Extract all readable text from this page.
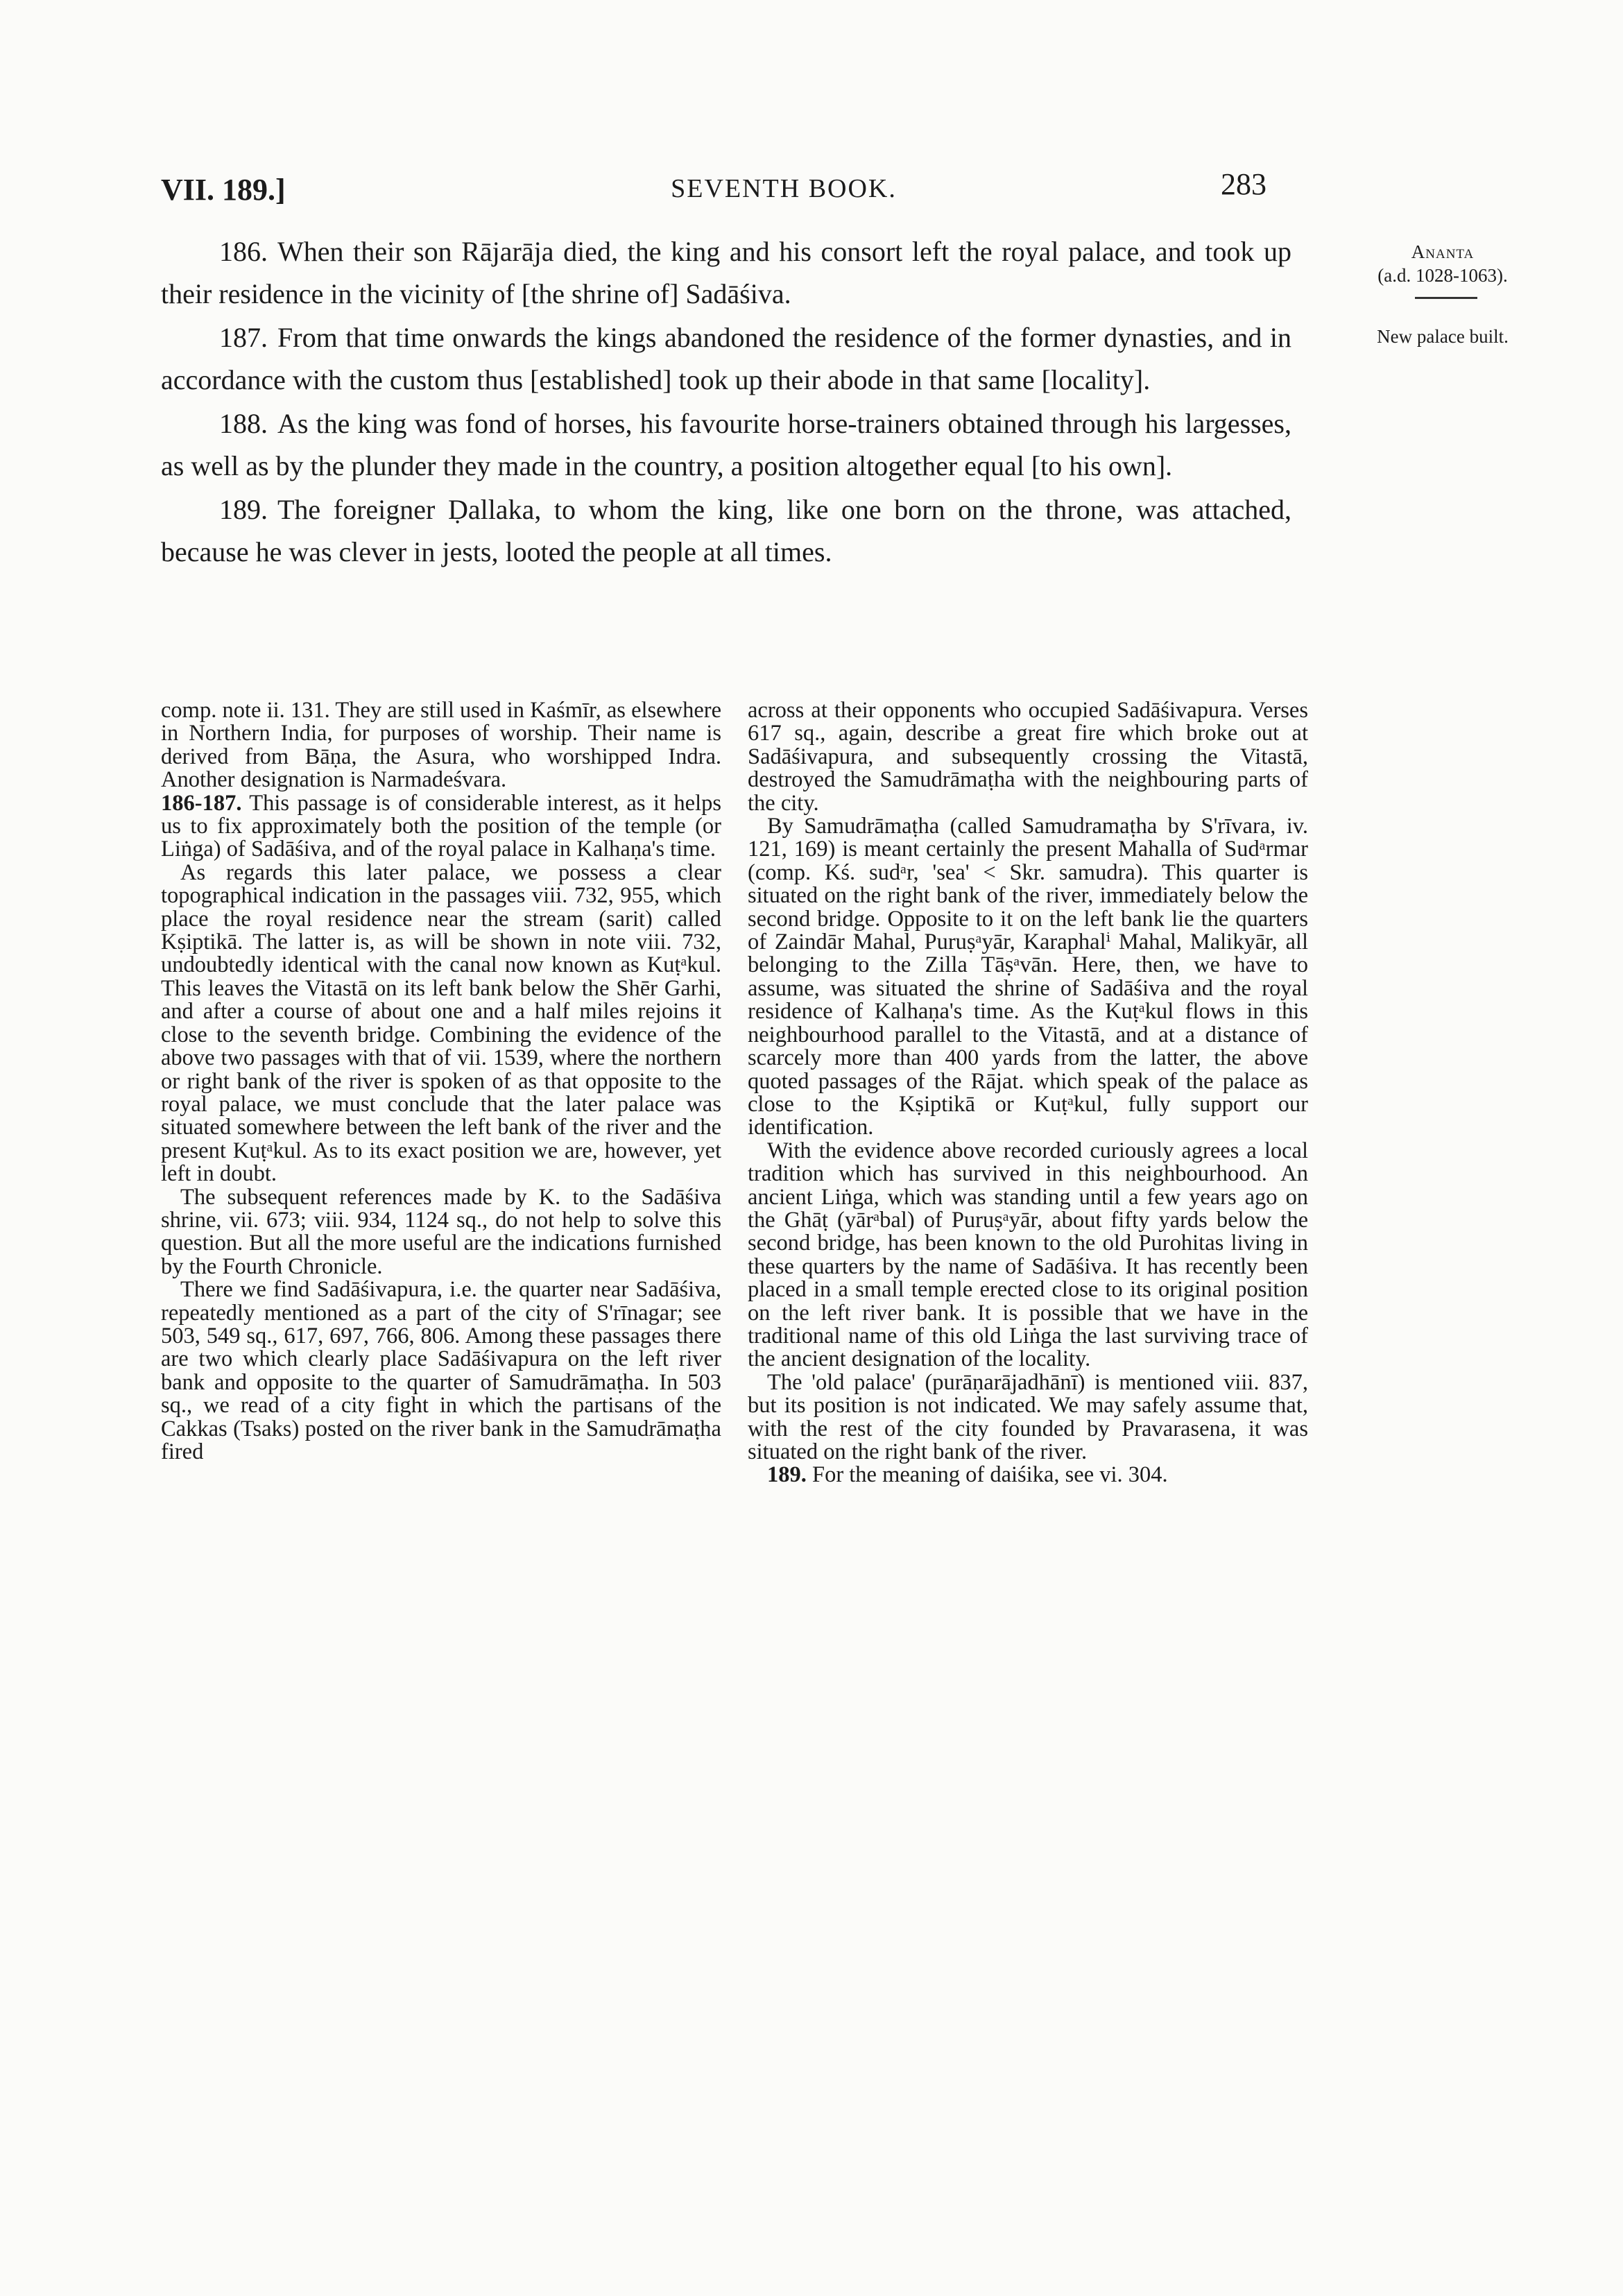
VII. 189.]	SEVENTH BOOK.	283
Ananta
(a.d. 1028-1063).
New palace built.

186. When their son Rājarāja died, the king and his consort left the royal palace, and took up their residence in the vicinity of [the shrine of] Sadāśiva.

187. From that time onwards the kings abandoned the residence of the former dynasties, and in accordance with the custom thus [established] took up their abode in that same [locality].

188. As the king was fond of horses, his favourite horse-trainers obtained through his largesses, as well as by the plunder they made in the country, a position altogether equal [to his own].

189. The foreigner Ḍallaka, to whom the king, like one born on the throne, was attached, because he was clever in jests, looted the people at all times.

comp. note ii. 131. They are still used in Kaśmīr, as elsewhere in Northern India, for purposes of worship. Their name is derived from Bāṇa, the Asura, who worshipped Indra. Another designation is Narmadeśvara.

186-187. This passage is of considerable interest, as it helps us to fix approximately both the position of the temple (or Liṅga) of Sadāśiva, and of the royal palace in Kalhaṇa's time.

As regards this later palace, we possess a clear topographical indication in the passages viii. 732, 955, which place the royal residence near the stream (sarit) called Kṣiptikā. The latter is, as will be shown in note viii. 732, undoubtedly identical with the canal now known as Kuṭᵃkul. This leaves the Vitastā on its left bank below the Shēr Garhi, and after a course of about one and a half miles rejoins it close to the seventh bridge. Combining the evidence of the above two passages with that of vii. 1539, where the northern or right bank of the river is spoken of as that opposite to the royal palace, we must conclude that the later palace was situated somewhere between the left bank of the river and the present Kuṭᵃkul. As to its exact position we are, however, yet left in doubt.

The subsequent references made by K. to the Sadāśiva shrine, vii. 673; viii. 934, 1124 sq., do not help to solve this question. But all the more useful are the indications furnished by the Fourth Chronicle.

There we find Sadāśivapura, i.e. the quarter near Sadāśiva, repeatedly mentioned as a part of the city of S'rīnagar; see 503, 549 sq., 617, 697, 766, 806. Among these passages there are two which clearly place Sadāśivapura on the left river bank and opposite to the quarter of Samudrāmaṭha. In 503 sq., we read of a city fight in which the partisans of the Cakkas (Tsaks) posted on the river bank in the Samudrāmaṭha fired

across at their opponents who occupied Sadāśivapura. Verses 617 sq., again, describe a great fire which broke out at Sadāśivapura, and subsequently crossing the Vitastā, destroyed the Samudrāmaṭha with the neighbouring parts of the city.

By Samudrāmaṭha (called Samudramaṭha by S'rīvara, iv. 121, 169) is meant certainly the present Mahalla of Sudᵃrmar (comp. Kś. sudᵃr, 'sea' < Skr. samudra). This quarter is situated on the right bank of the river, immediately below the second bridge. Opposite to it on the left bank lie the quarters of Zaindār Mahal, Puruṣᵃyār, Karaphalⁱ Mahal, Malikyār, all belonging to the Zilla Tāṣᵃvān. Here, then, we have to assume, was situated the shrine of Sadāśiva and the royal residence of Kalhaṇa's time. As the Kuṭᵃkul flows in this neighbourhood parallel to the Vitastā, and at a distance of scarcely more than 400 yards from the latter, the above quoted passages of the Rājat. which speak of the palace as close to the Kṣiptikā or Kuṭᵃkul, fully support our identification.

With the evidence above recorded curiously agrees a local tradition which has survived in this neighbourhood. An ancient Liṅga, which was standing until a few years ago on the Ghāṭ (yārᵃbal) of Puruṣᵃyār, about fifty yards below the second bridge, has been known to the old Purohitas living in these quarters by the name of Sadāśiva. It has recently been placed in a small temple erected close to its original position on the left river bank. It is possible that we have in the traditional name of this old Liṅga the last surviving trace of the ancient designation of the locality.

The 'old palace' (purāṇarājadhānī) is mentioned viii. 837, but its position is not indicated. We may safely assume that, with the rest of the city founded by Pravarasena, it was situated on the right bank of the river.

189. For the meaning of daiśika, see vi. 304.
